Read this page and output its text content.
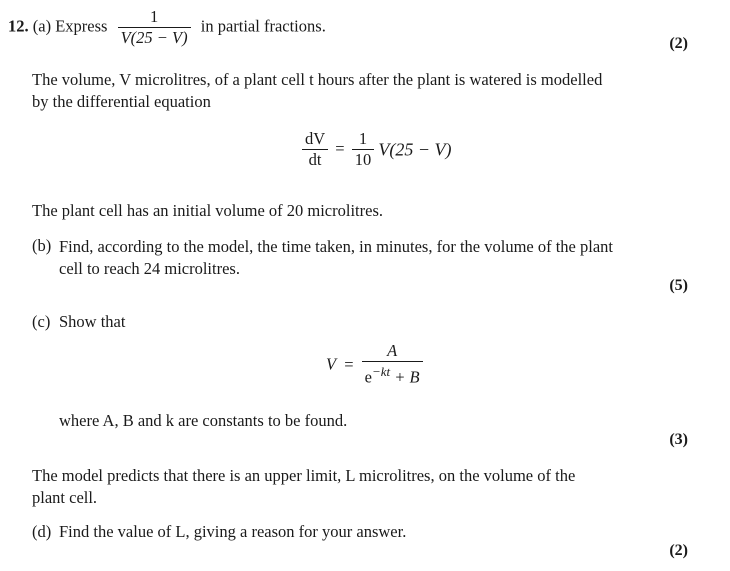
12. (a) Express $\frac{1}{V(25 - V)}$ in partial fractions.
(2)

The volume, V microlitres, of a plant cell t hours after the plant is watered is modelled

by the differential equation

$\frac{dV}{dt} = \frac{1}{10} V(25 - V)$
The plant cell has an initial volume of 20 microlitres.
(b) Find, according to the model, the time taken, in minutes, for the volume of the plant

cell to reach 24 microlitres.

(5)
(c) Show that
$V = \frac{A}{e^{-kt} + B}$
where A, B and k are constants to be found.
(3)

The model predicts that there is an upper limit, L microlitres, on the volume of the

plant cell.

(d) Find the value of L, giving a reason for your answer.
(2)
